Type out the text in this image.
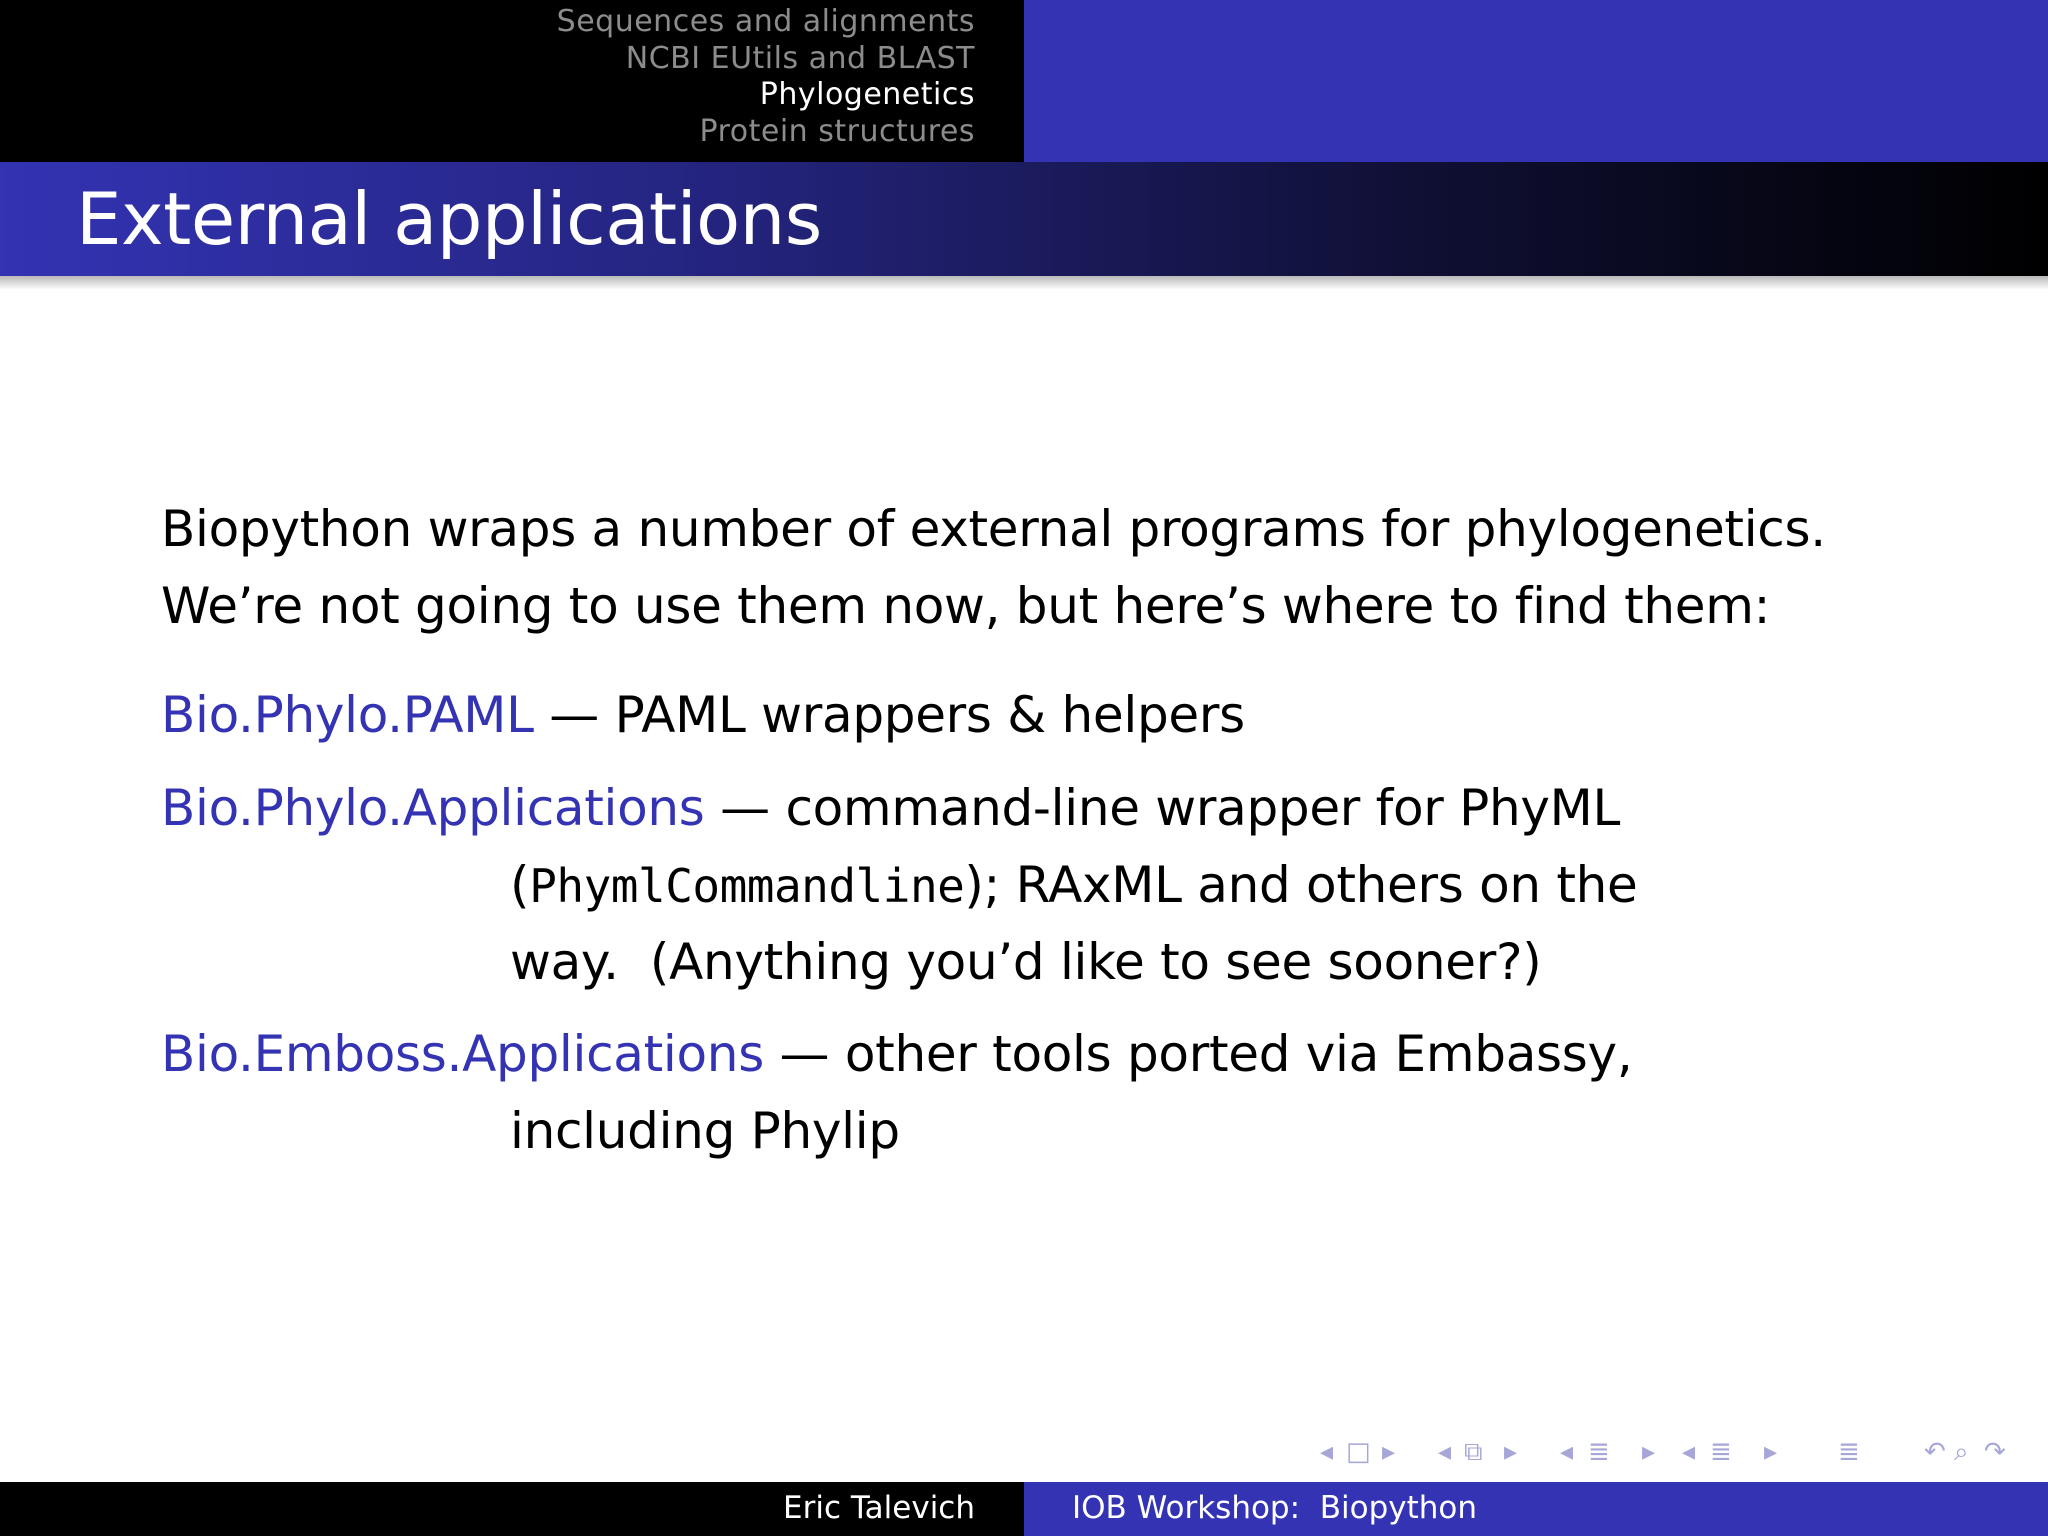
Sequences and alignments
NCBI EUtils and BLAST
Phylogenetics
Protein structures
External applications
Biopython wraps a number of external programs for phylogenetics.
We’re not going to use them now, but here’s where to find them:
Bio.Phylo.PAML — PAML wrappers & helpers
Bio.Phylo.Applications — command-line wrapper for PhyML
(PhymlCommandline); RAxML and others on the
way.  (Anything you’d like to see sooner?)
Bio.Emboss.Applications — other tools ported via Embassy,
including Phylip
◂ □ ▸ ◂ ⧉ ▸ ◂ ≣ ▸ ◂ ≣ ▸ ≣ ↶ ⌕ ↷
Eric Talevich	IOB Workshop:  Biopython
